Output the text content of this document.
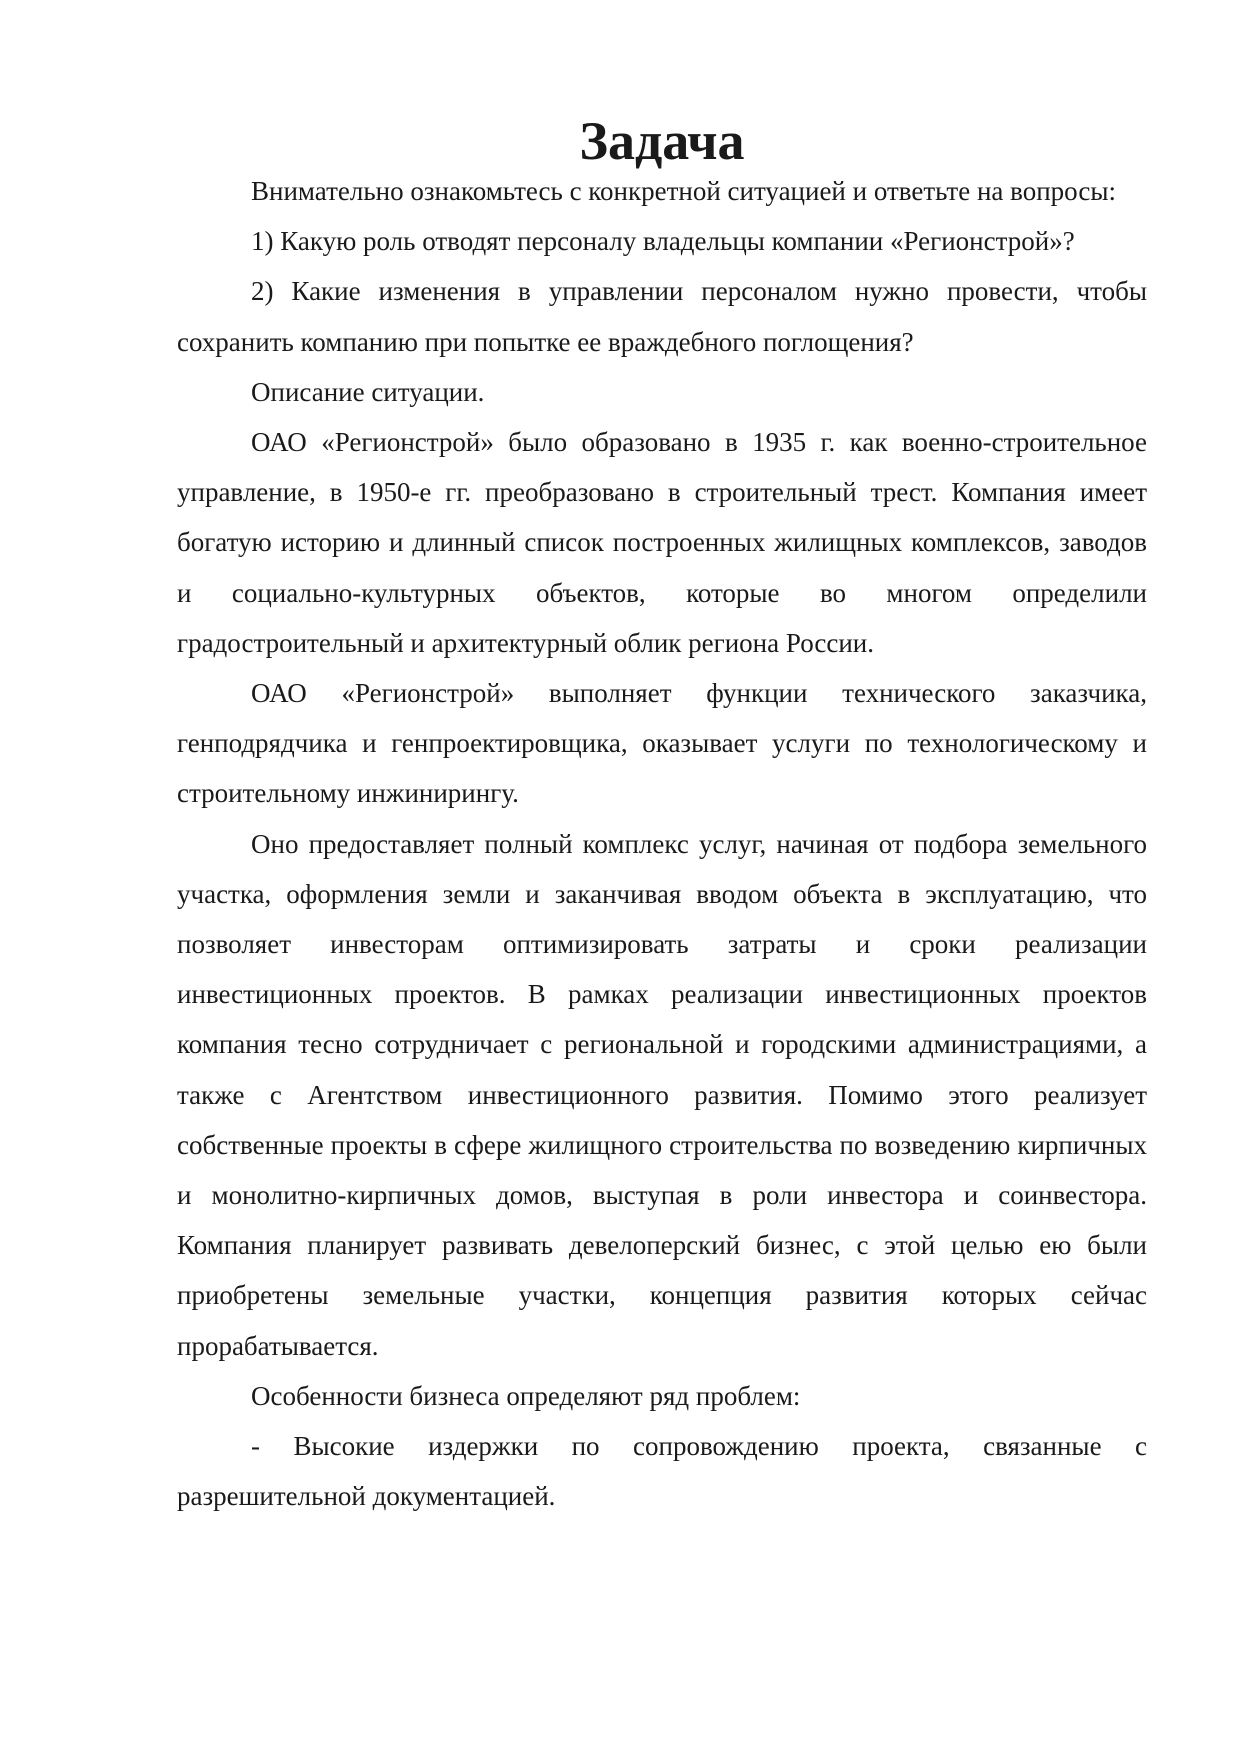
Задача

Внимательно ознакомьтесь с конкретной ситуацией и ответьте на вопросы:

1) Какую роль отводят персоналу владельцы компании «Регионстрой»?

2) Какие изменения в управлении персоналом нужно провести, чтобы сохранить компанию при попытке ее враждебного поглощения?

Описание ситуации.

ОАО «Регионстрой» было образовано в 1935 г. как военно-строительное управление, в 1950-е гг. преобразовано в строительный трест. Компания имеет богатую историю и длинный список построенных жилищных комплексов, заводов и социально-культурных объектов, которые во многом определили градостроительный и архитектурный облик региона России.

ОАО «Регионстрой» выполняет функции технического заказчика, генподрядчика и генпроектировщика, оказывает услуги по технологическому и строительному инжинирингу.

Оно предоставляет полный комплекс услуг, начиная от подбора земельного участка, оформления земли и заканчивая вводом объекта в эксплуатацию, что позволяет инвесторам оптимизировать затраты и сроки реализации инвестиционных проектов. В рамках реализации инвестиционных проектов компания тесно сотрудничает с региональной и городскими администрациями, а также с Агентством инвестиционного развития. Помимо этого реализует собственные проекты в сфере жилищного строительства по возведению кирпичных и монолитно-кирпичных домов, выступая в роли инвестора и соинвестора. Компания планирует развивать девелоперский бизнес, с этой целью ею были приобретены земельные участки, концепция развития которых сейчас прорабатывается.

Особенности бизнеса определяют ряд проблем:

- Высокие издержки по сопровождению проекта, связанные с разрешительной документацией.
